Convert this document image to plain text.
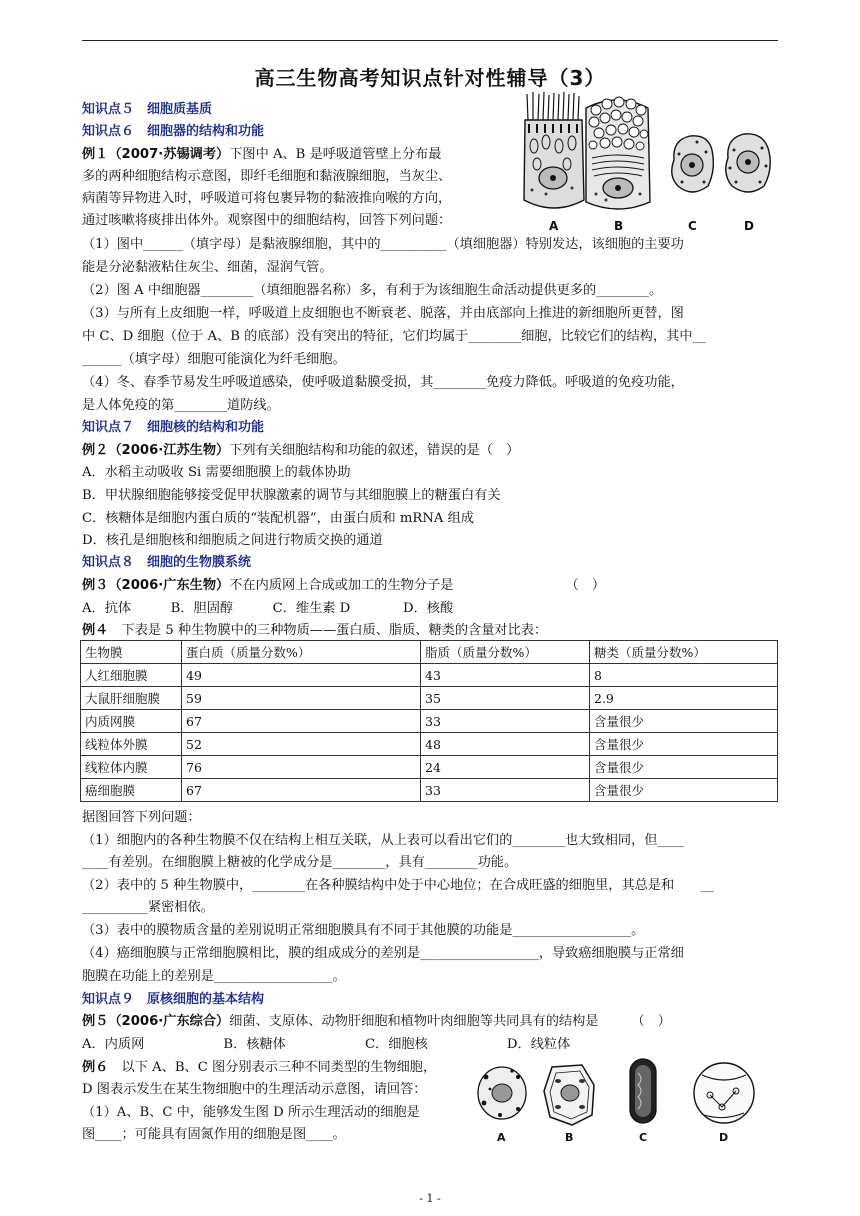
高三生物高考知识点针对性辅导（3）
知识点５　细胞质基质
知识点６　细胞器的结构和功能
例１（2007·苏锡调考）下图中 A、B 是呼吸道管壁上分布最
多的两种细胞结构示意图，即纤毛细胞和黏液腺细胞，当灰尘、
病菌等异物进入时，呼吸道可将包裹异物的黏液推向喉的方向，
通过咳嗽将痰排出体外。观察图中的细胞结构，回答下列问题：
（1）图中______（填字母）是黏液腺细胞，其中的__________（填细胞器）特别发达，该细胞的主要功
能是分泌黏液粘住灰尘、细菌，湿润气管。
（2）图 A 中细胞器________（填细胞器名称）多，有利于为该细胞生命活动提供更多的________。
（3）与所有上皮细胞一样，呼吸道上皮细胞也不断衰老、脱落，并由底部向上推进的新细胞所更替，图
中 C、D 细胞（位于 A、B 的底部）没有突出的特征，它们均属于________细胞，比较它们的结构，其中__
______（填字母）细胞可能演化为纤毛细胞。
（4）冬、春季节易发生呼吸道感染，使呼吸道黏膜受损，其________免疫力降低。呼吸道的免疫功能，
是人体免疫的第________道防线。
知识点７　细胞核的结构和功能
例２（2006·江苏生物）下列有关细胞结构和功能的叙述，错误的是（　）
A．水稻主动吸收 Si 需要细胞膜上的载体协助
B．甲状腺细胞能够接受促甲状腺激素的调节与其细胞膜上的糖蛋白有关
C．核糖体是细胞内蛋白质的“装配机器”，由蛋白质和 mRNA 组成
D．核孔是细胞核和细胞质之间进行物质交换的通道
知识点８　细胞的生物膜系统
例３（2006·广东生物）不在内质网上合成或加工的生物分子是　　　　　　　　　（　）
A．抗体　　　B．胆固醇　　　C．维生素 D　　　　D．核酸
例４　下表是 5 种生物膜中的三种物质——蛋白质、脂质、糖类的含量对比表：
据图回答下列问题：
（1）细胞内的各种生物膜不仅在结构上相互关联，从上表可以看出它们的________也大致相同，但____
____有差别。在细胞膜上糖被的化学成分是________，具有________功能。
（2）表中的 5 种生物膜中，________在各种膜结构中处于中心地位；在合成旺盛的细胞里，其总是和　　__
__________紧密相依。
（3）表中的膜物质含量的差别说明正常细胞膜具有不同于其他膜的功能是__________________。
（4）癌细胞膜与正常细胞膜相比，膜的组成成分的差别是__________________，导致癌细胞膜与正常细
胞膜在功能上的差别是__________________。
知识点９　原核细胞的基本结构
例５（2006·广东综合）细菌、支原体、动物肝细胞和植物叶肉细胞等共同具有的结构是　　　（　）
A．内质网　　　　　　B．核糖体　　　　　　C．细胞核　　　　　　D．线粒体
例６　以下 A、B、C 图分别表示三种不同类型的生物细胞，
D 图表示发生在某生物细胞中的生理活动示意图，请回答：
（1）A、B、C 中，能够发生图 D 所示生理活动的细胞是
图____；可能具有固氮作用的细胞是图____。
生物膜	蛋白质（质量分数%）	脂质（质量分数%）	糖类（质量分数%）
人红细胞膜	49	43	8
大鼠肝细胞膜	59	35	2.9
内质网膜	67	33	含量很少
线粒体外膜	52	48	含量很少
线粒体内膜	76	24	含量很少
癌细胞膜	67	33	含量很少
A	B	C	D
A	B	C	D
- 1 -
